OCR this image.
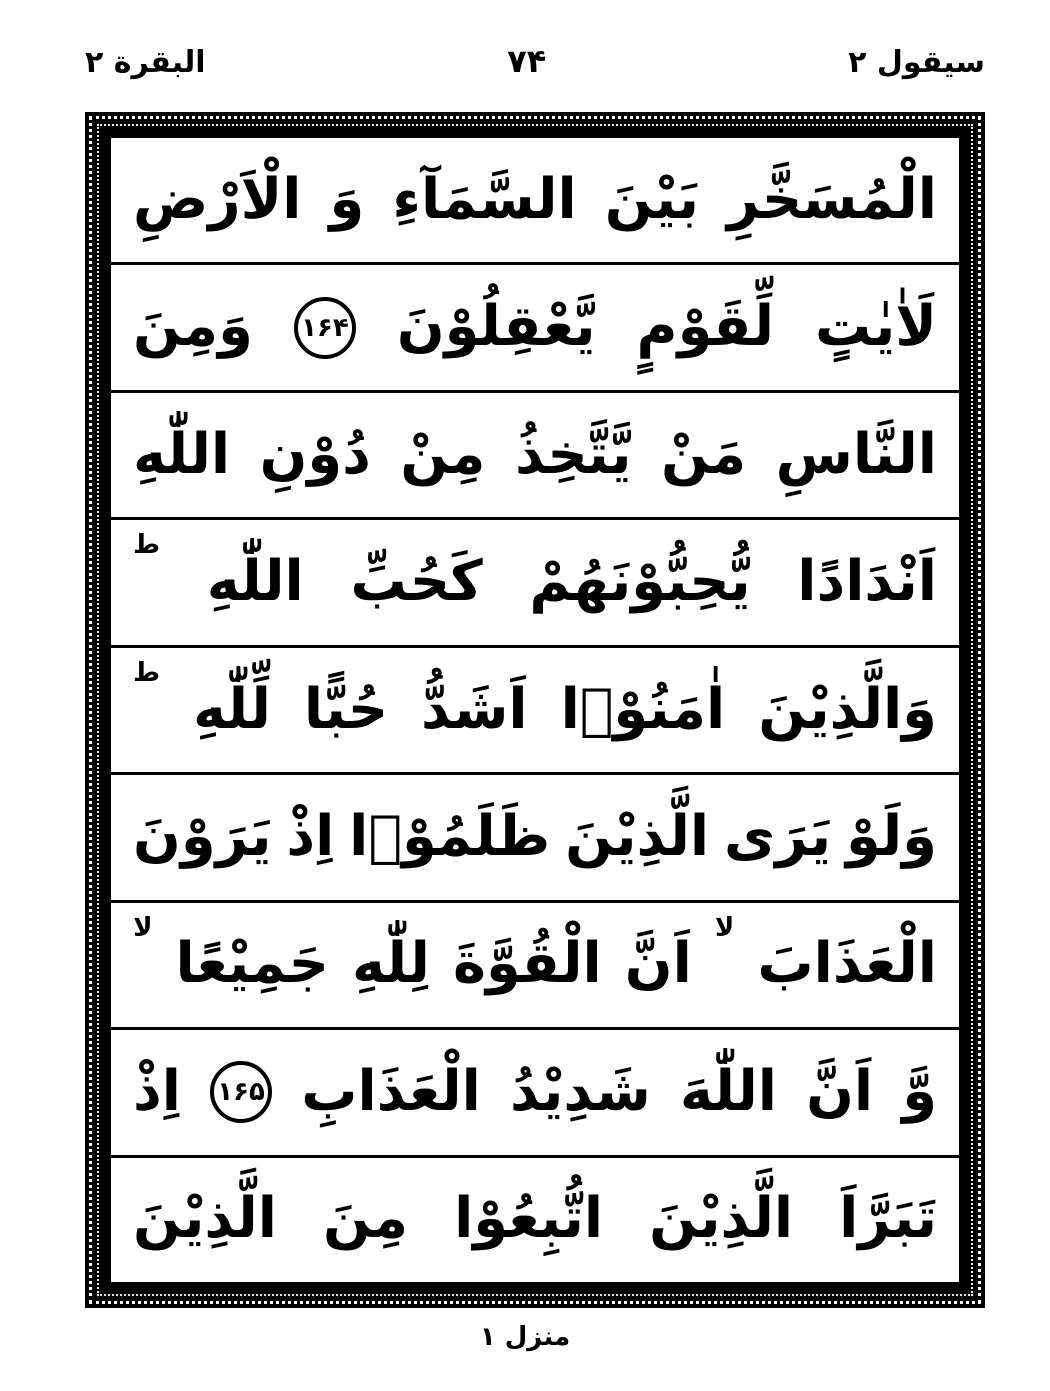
سيقول ٢
۷۴
البقرة ٢
الْمُسَخَّرِ
بَيْنَ
السَّمَآءِ
وَ
الْاَرْضِ
لَاٰيٰتٍ
لِّقَوْمٍ
يَّعْقِلُوْنَ
۱۶۴
وَمِنَ
النَّاسِ
مَنْ
يَّتَّخِذُ
مِنْ
دُوْنِ
اللّٰهِ
اَنْدَادًا
يُّحِبُّوْنَهُمْ
كَحُبِّ
اللّٰهِ
ط
وَالَّذِيْنَ
اٰمَنُوْۤا
اَشَدُّ
حُبًّا
لِّلّٰهِ
ط
وَلَوْ
يَرَى
الَّذِيْنَ
ظَلَمُوْۤا
اِذْ
يَرَوْنَ
الْعَذَابَ
لا
اَنَّ
الْقُوَّةَ
لِلّٰهِ
جَمِيْعًا
لا
وَّ
اَنَّ
اللّٰهَ
شَدِيْدُ
الْعَذَابِ
۱۶۵
اِذْ
تَبَرَّاَ
الَّذِيْنَ
اتُّبِعُوْا
مِنَ
الَّذِيْنَ
منزل ۱
